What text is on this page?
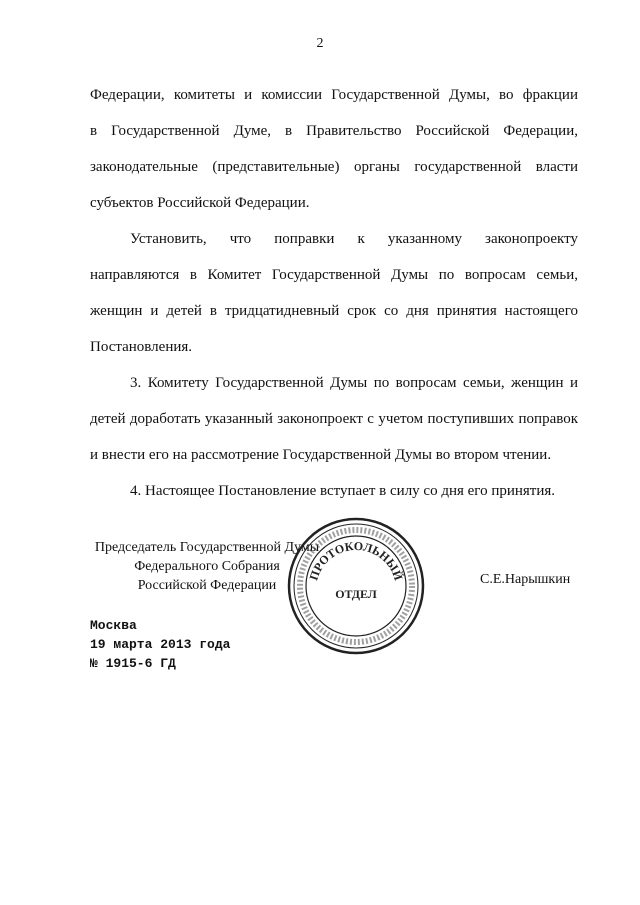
2

Федерации, комитеты и комиссии Государственной Думы, во фракции
в Государственной Думе, в Правительство Российской Федерации,
законодательные (представительные) органы государственной власти
субъектов Российской Федерации.

Установить, что поправки к указанному законопроекту
направляются в Комитет Государственной Думы по вопросам семьи,
женщин и детей в тридцатидневный срок со дня принятия настоящего
Постановления.

3. Комитету Государственной Думы по вопросам семьи, женщин и
детей доработать указанный законопроект с учетом поступивших поправок
и внести его на рассмотрение Государственной Думы во втором чтении.

4. Настоящее Постановление вступает в силу со дня его принятия.

Председатель Государственной Думы
Федерального Собрания
Российской Федерации
ПРОТОКОЛЬНЫЙ
ОТДЕЛ
С.Е.Нарышкин
Москва
19 марта 2013 года
№ 1915-6 ГД
